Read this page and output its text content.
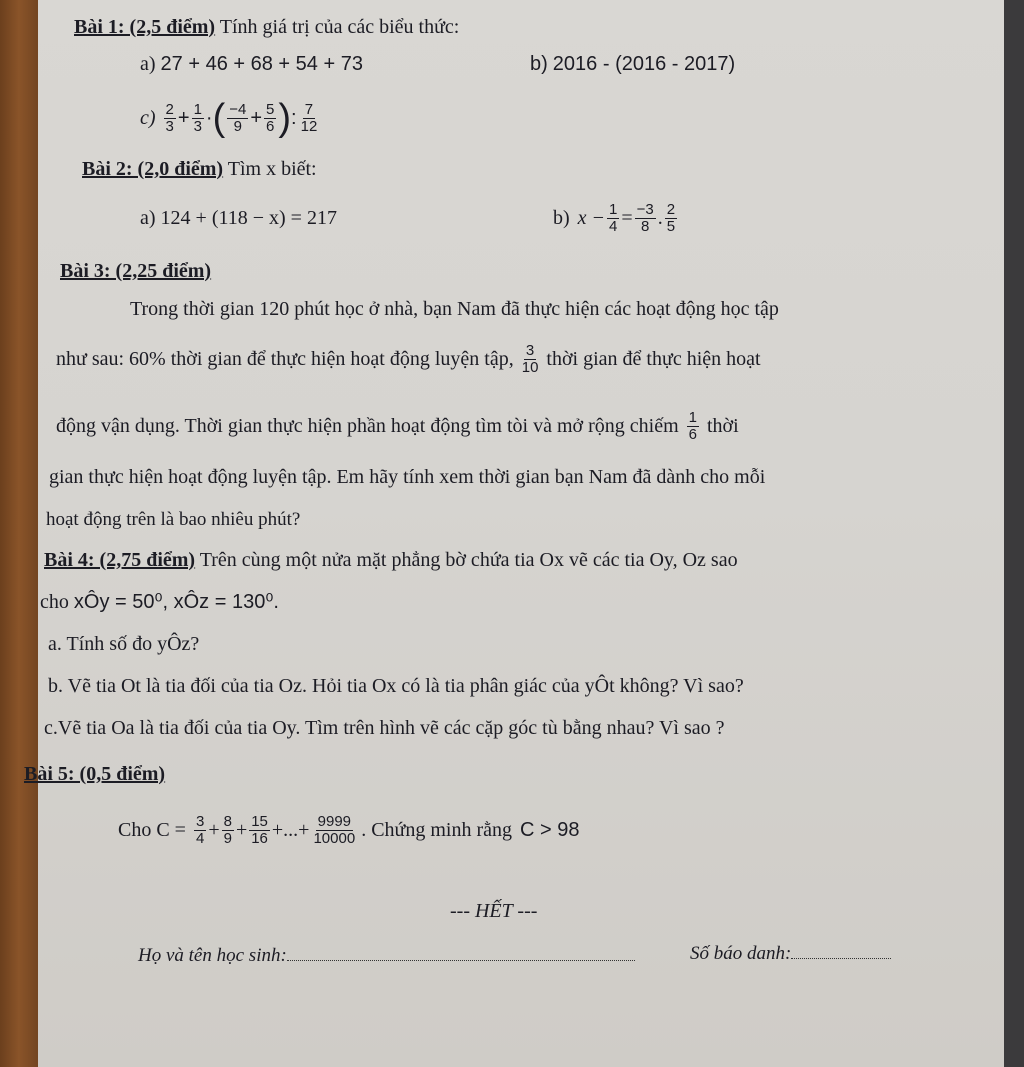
Bài 1: (2,5 điểm) Tính giá trị của các biểu thức:
a) 27 + 46 + 68 + 54 + 73	b) 2016 - (2016 - 2017)
$c) \frac{2}{3} + \frac{1}{3}$ · ( $\frac{-4}{9} + \frac{5}{6}$ ) : $\frac{7}{12}$
Bài 2: (2,0 điểm) Tìm x biết:
a) 124 + (118 − x) = 217	b) $x - \frac{1}{4} = \frac{-3}{8}$ . $\frac{2}{5}$
Bài 3: (2,25 điểm)
Trong thời gian 120 phút học ở nhà, bạn Nam đã thực hiện các hoạt động học tập
như sau: 60% thời gian để thực hiện hoạt động luyện tập, $\frac{3}{10}$ thời gian để thực hiện hoạt
động vận dụng. Thời gian thực hiện phần hoạt động tìm tòi và mở rộng chiếm $\frac{1}{6}$ thời
gian thực hiện hoạt động luyện tập. Em hãy tính xem thời gian bạn Nam đã dành cho mỗi
hoạt động trên là bao nhiêu phút?
Bài 4: (2,75 điểm) Trên cùng một nửa mặt phẳng bờ chứa tia Ox vẽ các tia Oy, Oz sao
cho xÔy = 50⁰, xÔz = 130⁰.
a. Tính số đo yÔz?
b. Vẽ tia Ot là tia đối của tia Oz. Hỏi tia Ox có là tia phân giác của yÔt không? Vì sao?
c.Vẽ tia Oa là tia đối của tia Oy. Tìm trên hình vẽ các cặp góc tù bằng nhau? Vì sao ?
Bài 5: (0,5 điểm)
Cho $C = \frac{3}{4} + \frac{8}{9} + \frac{15}{16}$ +...+ $\frac{9999}{10000}$ . Chứng minh rằng C > 98
--- HẾT ---
Họ và tên học sinh:	Số báo danh:
